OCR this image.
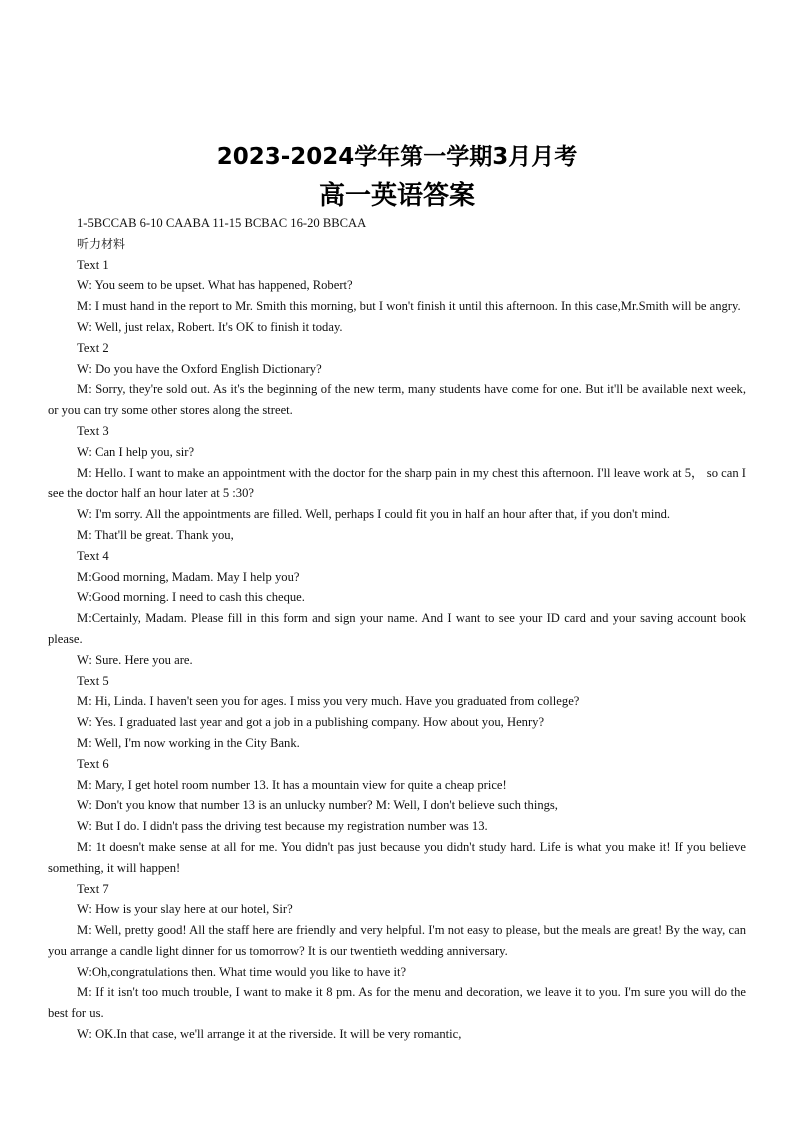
2023-2024学年第一学期3月月考
高一英语答案

1-5BCCAB 6-10 CAABA 11-15 BCBAC 16-20 BBCAA

听力材料

Text 1

W: You seem to be upset. What has happened, Robert?

M: I must hand in the report to Mr. Smith this morning, but I won't finish it until this afternoon. In this case,Mr.Smith will be angry.

W: Well, just relax, Robert. It's OK to finish it today.

Text 2

W: Do you have the Oxford English Dictionary?

M: Sorry, they're sold out. As it's the beginning of the new term, many students have come for one. But it'll be available next week, or you can try some other stores along the street.

Text 3

W: Can I help you, sir?

M: Hello. I want to make an appointment with the doctor for the sharp pain in my chest this afternoon. I'll leave work at 5， so can I see the doctor half an hour later at 5 :30?

W: I'm sorry. All the appointments are filled. Well, perhaps I could fit you in half an hour after that, if you don't mind.

M: That'll be great. Thank you,

Text 4

M:Good morning, Madam. May I help you?

W:Good morning. I need to cash this cheque.

M:Certainly, Madam. Please fill in this form and sign your name. And I want to see your ID card and your saving account book please.

W: Sure. Here you are.

Text 5

M: Hi, Linda. I haven't seen you for ages. I miss you very much. Have you graduated from college?

W: Yes. I graduated last year and got a job in a publishing company. How about you, Henry?

M: Well, I'm now working in the City Bank.

Text 6

M: Mary, I get hotel room number 13. It has a mountain view for quite a cheap price!

W: Don't you know that number 13 is an unlucky number? M: Well, I don't believe such things,

W: But I do. I didn't pass the driving test because my registration number was 13.

M: 1t doesn't make sense at all for me. You didn't pas just because you didn't study hard. Life is what you make it! If you believe something, it will happen!

Text 7

W: How is your slay here at our hotel, Sir?

M: Well, pretty good! All the staff here are friendly and very helpful. I'm not easy to please, but the meals are great! By the way, can you arrange a candle light dinner for us tomorrow? It is our twentieth wedding anniversary.

W:Oh,congratulations then. What time would you like to have it?

M: If it isn't too much trouble, I want to make it 8 pm. As for the menu and decoration, we leave it to you. I'm sure you will do the best for us.

W: OK.In that case, we'll arrange it at the riverside. It will be very romantic,
